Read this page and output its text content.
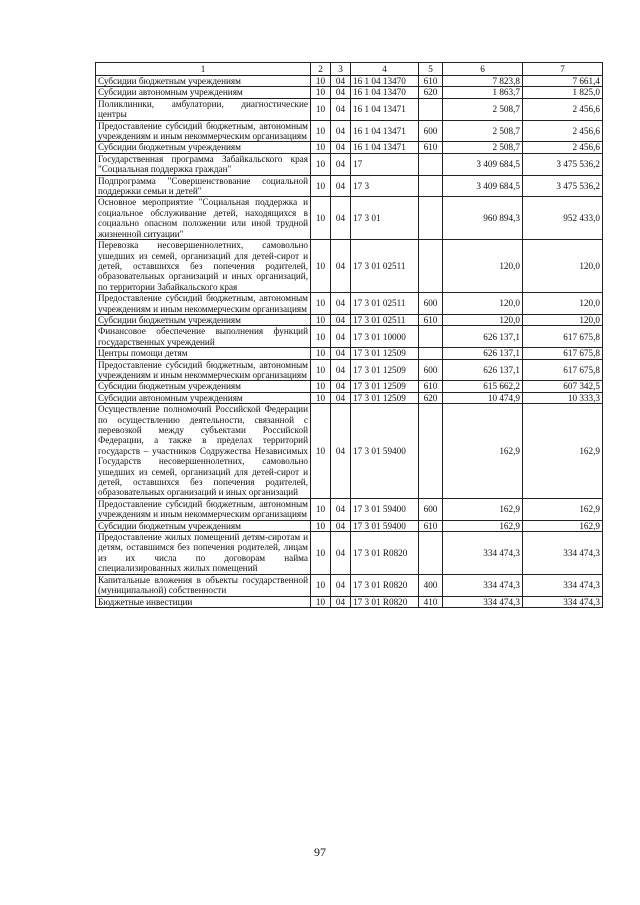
1	2	3	4	5	6	7
Субсидии бюджетным учреждениям	10	04	16 1 04 13470	610	7 823,8	7 661,4
Субсидии автономным учреждениям	10	04	16 1 04 13470	620	1 863,7	1 825,0
Поликлиники, амбулатории, диагностические центры	10	04	16 1 04 13471		2 508,7	2 456,6
Предоставление субсидий бюджетным, автономным учреждениям и иным некоммерческим организациям	10	04	16 1 04 13471	600	2 508,7	2 456,6
Субсидии бюджетным учреждениям	10	04	16 1 04 13471	610	2 508,7	2 456,6
Государственная программа Забайкальского края "Социальная поддержка граждан"	10	04	17		3 409 684,5	3 475 536,2
Подпрограмма "Совершенствование социальной поддержки семьи и детей"	10	04	17 3		3 409 684,5	3 475 536,2
Основное мероприятие "Социальная поддержка и социальное обслуживание детей, находящихся в социально опасном положении или иной трудной жизненной ситуации"	10	04	17 3 01		960 894,3	952 433,0
Перевозка несовершеннолетних, самовольно ушедших из семей, организаций для детей-сирот и детей, оставшихся без попечения родителей, образовательных организаций и иных организаций, по территории Забайкальского края	10	04	17 3 01 02511		120,0	120,0
Предоставление субсидий бюджетным, автономным учреждениям и иным некоммерческим организациям	10	04	17 3 01 02511	600	120,0	120,0
Субсидии бюджетным учреждениям	10	04	17 3 01 02511	610	120,0	120,0
Финансовое обеспечение выполнения функций государственных учреждений	10	04	17 3 01 10000		626 137,1	617 675,8
Центры помощи детям	10	04	17 3 01 12509		626 137,1	617 675,8
Предоставление субсидий бюджетным, автономным учреждениям и иным некоммерческим организациям	10	04	17 3 01 12509	600	626 137,1	617 675,8
Субсидии бюджетным учреждениям	10	04	17 3 01 12509	610	615 662,2	607 342,5
Субсидии автономным учреждениям	10	04	17 3 01 12509	620	10 474,9	10 333,3
Осуществление полномочий Российской Федерации по осуществлению деятельности, связанной с перевозкой между субъектами Российской Федерации, а также в пределах территорий государств – участников Содружества Независимых Государств несовершеннолетних, самовольно ушедших из семей, организаций для детей-сирот и детей, оставшихся без попечения родителей, образовательных организаций и иных организаций	10	04	17 3 01 59400		162,9	162,9
Предоставление субсидий бюджетным, автономным учреждениям и иным некоммерческим организациям	10	04	17 3 01 59400	600	162,9	162,9
Субсидии бюджетным учреждениям	10	04	17 3 01 59400	610	162,9	162,9
Предоставление жилых помещений детям-сиротам и детям, оставшимся без попечения родителей, лицам из их числа по договорам найма специализированных жилых помещений	10	04	17 3 01 R0820		334 474,3	334 474,3
Капитальные вложения в объекты государственной (муниципальной) собственности	10	04	17 3 01 R0820	400	334 474,3	334 474,3
Бюджетные инвестиции	10	04	17 3 01 R0820	410	334 474,3	334 474,3
97
